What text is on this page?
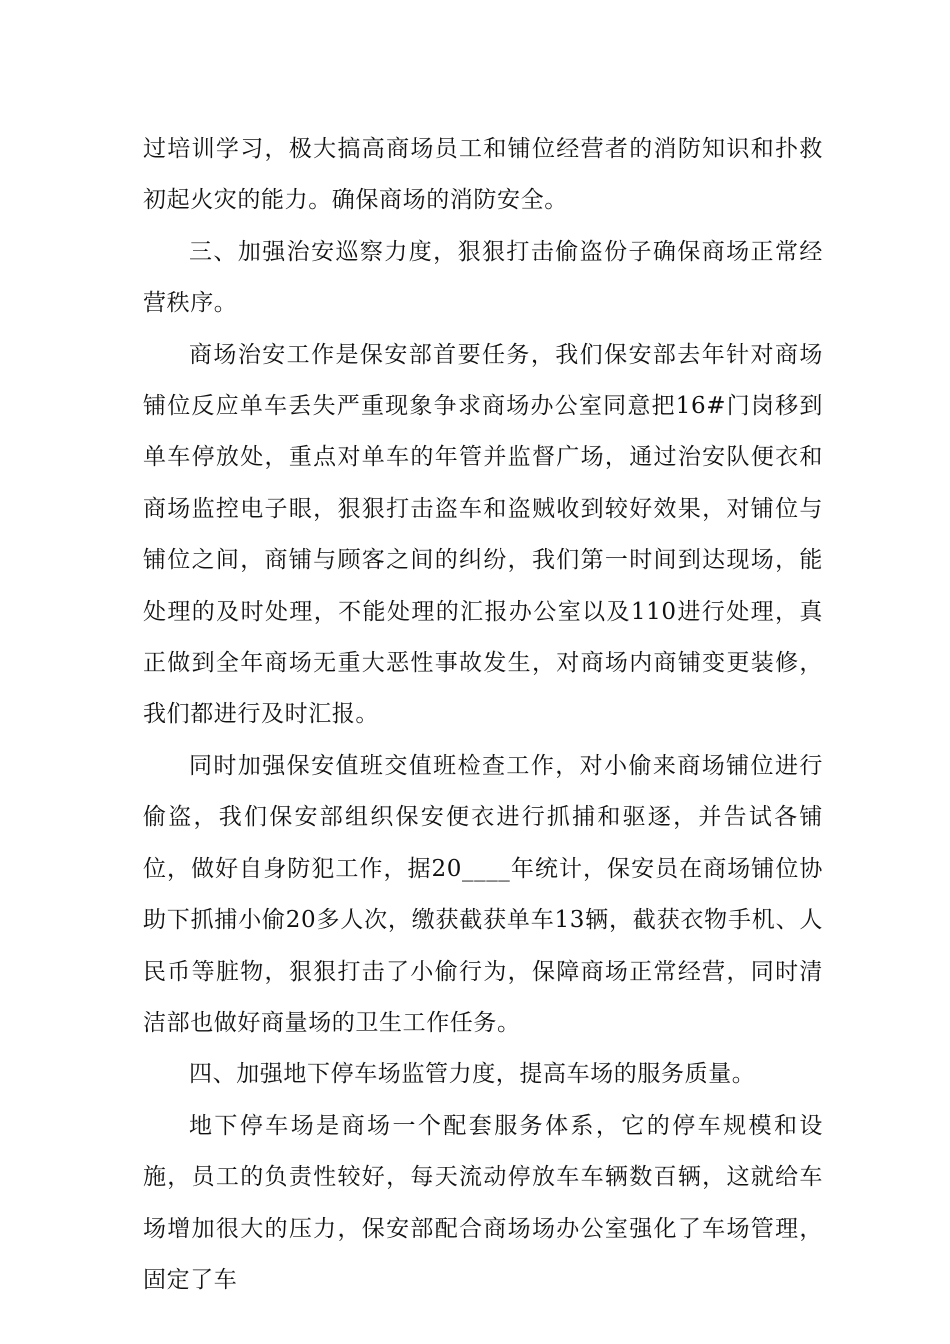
过培训学习，极大搞高商场员工和铺位经营者的消防知识和扑救初起火灾的能力。确保商场的消防安全。

三、加强治安巡察力度，狠狠打击偷盗份子确保商场正常经营秩序。

商场治安工作是保安部首要任务，我们保安部去年针对商场铺位反应单车丢失严重现象争求商场办公室同意把16#门岗移到单车停放处，重点对单车的年管并监督广场，通过治安队便衣和商场监控电子眼，狠狠打击盗车和盗贼收到较好效果，对铺位与铺位之间，商铺与顾客之间的纠纷，我们第一时间到达现场，能处理的及时处理，不能处理的汇报办公室以及110进行处理，真正做到全年商场无重大恶性事故发生，对商场内商铺变更装修，我们都进行及时汇报。

同时加强保安值班交值班检查工作，对小偷来商场铺位进行偷盗，我们保安部组织保安便衣进行抓捕和驱逐，并告试各铺位，做好自身防犯工作，据20____年统计，保安员在商场铺位协助下抓捕小偷20多人次，缴获截获单车13辆，截获衣物手机、人民币等脏物，狠狠打击了小偷行为，保障商场正常经营，同时清洁部也做好商量场的卫生工作任务。

四、加强地下停车场监管力度，提高车场的服务质量。

地下停车场是商场一个配套服务体系，它的停车规模和设施，员工的负责性较好，每天流动停放车车辆数百辆，这就给车场增加很大的压力，保安部配合商场场办公室强化了车场管理，固定了车
